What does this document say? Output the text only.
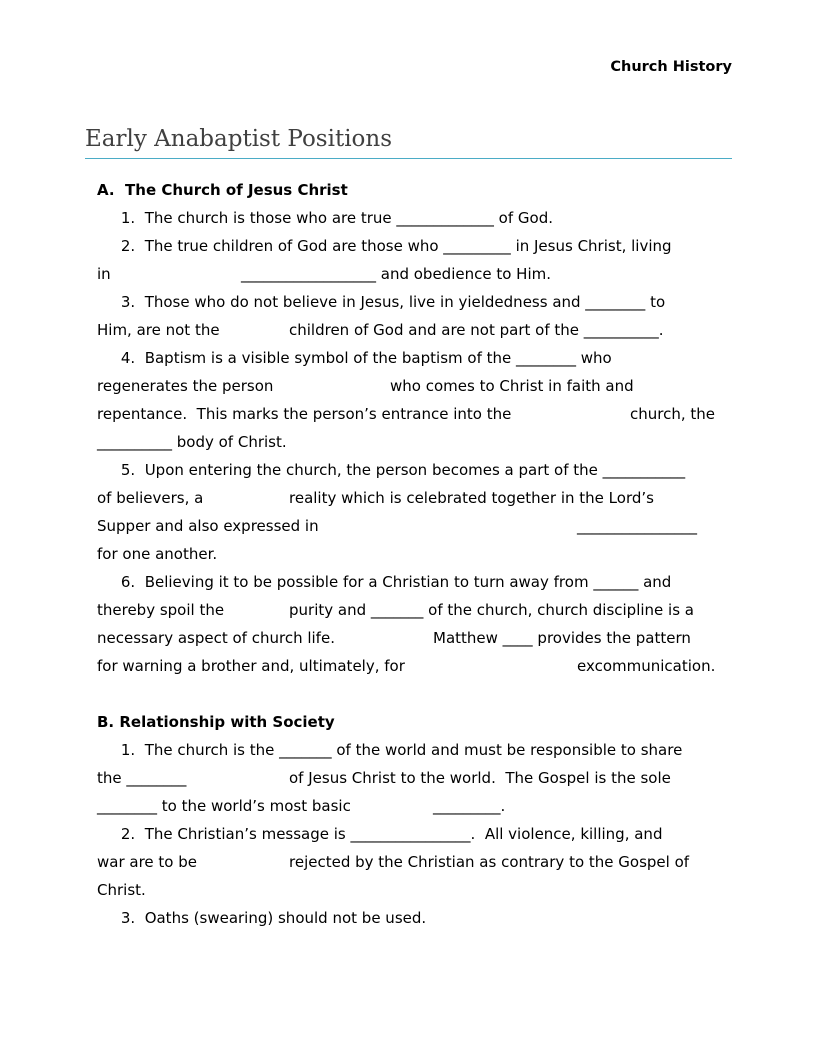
Church History
Early Anabaptist Positions
A.  The Church of Jesus Christ
1.  The church is those who are true _____________ of God.
2.  The true children of God are those who _________ in Jesus Christ, living
in	__________________ and obedience to Him.
3.  Those who do not believe in Jesus, live in yieldedness and ________ to
Him, are not the	children of God and are not part of the __________.
4.  Baptism is a visible symbol of the baptism of the ________ who
regenerates the person	who comes to Christ in faith and
repentance.  This marks the person’s entrance into the	church, the
__________ body of Christ.
5.  Upon entering the church, the person becomes a part of the ___________
of believers, a	reality which is celebrated together in the Lord’s
Supper and also expressed in	________________
for one another.
6.  Believing it to be possible for a Christian to turn away from ______ and
thereby spoil the	purity and _______ of the church, church discipline is a
necessary aspect of church life.	Matthew ____ provides the pattern
for warning a brother and, ultimately, for	excommunication.
B. Relationship with Society
1.  The church is the _______ of the world and must be responsible to share
the ________	of Jesus Christ to the world.  The Gospel is the sole
________ to the world’s most basic	_________.
2.  The Christian’s message is ________________.  All violence, killing, and
war are to be	rejected by the Christian as contrary to the Gospel of
Christ.
3.  Oaths (swearing) should not be used.
